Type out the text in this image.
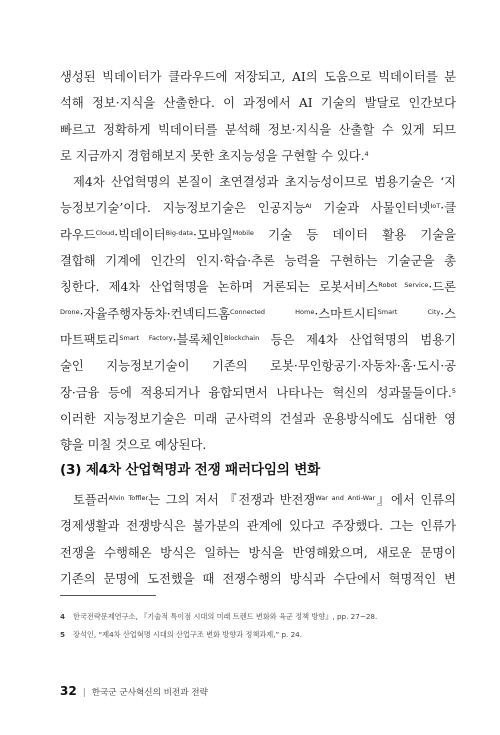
생성된 빅데이터가 클라우드에 저장되고, AI의 도움으로 빅데이터를 분
석해 정보·지식을 산출한다. 이 과정에서 AI 기술의 발달로 인간보다
빠르고 정확하게 빅데이터를 분석해 정보·지식을 산출할 수 있게 되므
로 지금까지 경험해보지 못한 초지능성을 구현할 수 있다.$^4$
제4차 산업혁명의 본질이 초연결성과 초지능성이므로 범용기술은 ‘지
능정보기술’이다. 지능정보기술은 인공지능$^{AI}$ 기술과 사물인터넷$^{IoT}$·클
라우드$^{Cloud}$·빅데이터$^{Big-data}$·모바일$^{Mobile}$ 기술 등 데이터 활용 기술을
결합해 기계에 인간의 인지·학습·추론 능력을 구현하는 기술군을 총
칭한다. 제4차 산업혁명을 논하며 거론되는 로봇서비스$^{Robot Service}$·드론
$^{Drone}$·자율주행자동차·컨넥티드홈$^{Connected Home}$·스마트시티$^{Smart City}$·스
마트팩토리$^{Smart Factory}$·블록체인$^{Blockchain}$ 등은 제4차 산업혁명의 범용기
술인 지능정보기술이 기존의 로봇·무인항공기·자동차·홈·도시·공
장·금융 등에 적용되거나 융합되면서 나타나는 혁신의 성과물들이다.$^5$
이러한 지능정보기술은 미래 군사력의 건설과 운용방식에도 심대한 영
향을 미칠 것으로 예상된다.
(3) 제4차 산업혁명과 전쟁 패러다임의 변화
토플러$^{Alvin Toffler}$는 그의 저서 『전쟁과 반전쟁$^{War and Anti-War}$』에서 인류의
경제생활과 전쟁방식은 불가분의 관계에 있다고 주장했다. 그는 인류가
전쟁을 수행해온 방식은 일하는 방식을 반영해왔으며, 새로운 문명이
기존의 문명에 도전했을 때 전쟁수행의 방식과 수단에서 혁명적인 변
4 한국전략문제연구소, 『기술적 특이점 시대의 미래 트렌드 변화와 육군 정책 방향』, pp. 27~28.
5 장석인, “제4차 산업혁명 시대의 산업구조 변화 방향과 정책과제,” p. 24.
32 | 한국군 군사혁신의 비전과 전략
